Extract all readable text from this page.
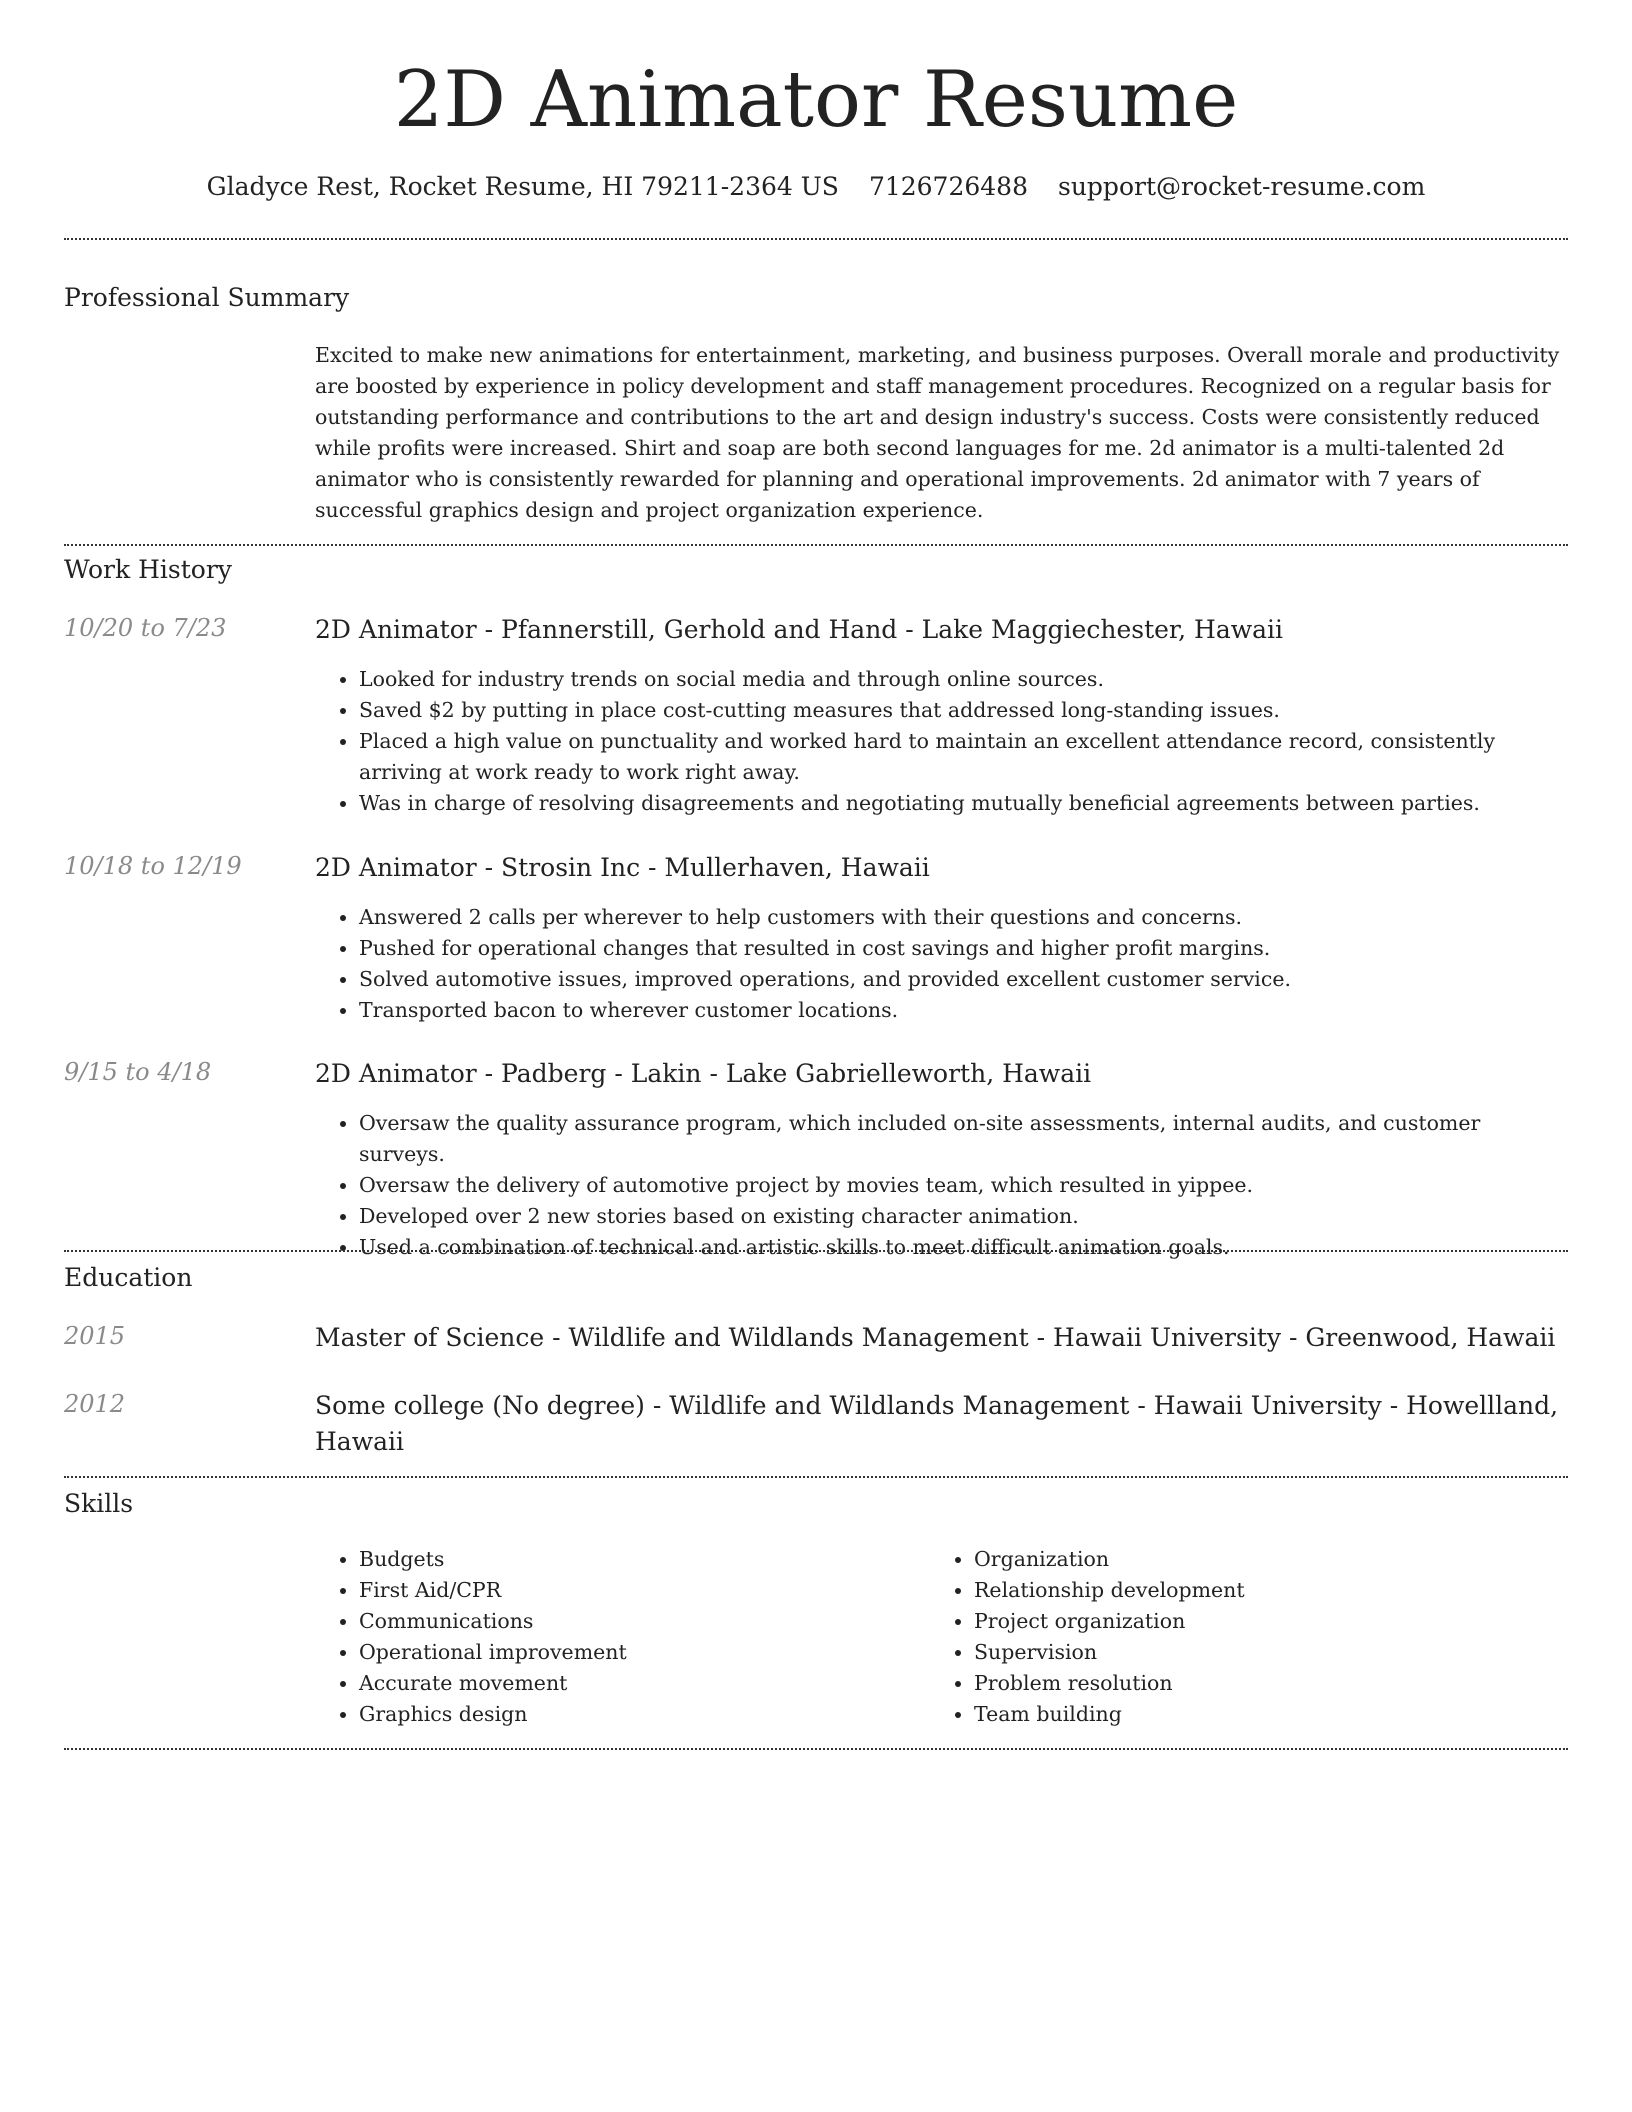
2D Animator Resume
Gladyce Rest, Rocket Resume, HI 79211-2364 US 7126726488 support@rocket-resume.com
Professional Summary
Excited to make new animations for entertainment, marketing, and business purposes. Overall morale and productivity are boosted by experience in policy development and staff management procedures. Recognized on a regular basis for outstanding performance and contributions to the art and design industry's success. Costs were consistently reduced while profits were increased. Shirt and soap are both second languages for me. 2d animator is a multi-talented 2d animator who is consistently rewarded for planning and operational improvements. 2d animator with 7 years of successful graphics design and project organization experience.
Work History
10/20 to 7/23	2D Animator - Pfannerstill, Gerhold and Hand - Lake Maggiechester, Hawaii
• Looked for industry trends on social media and through online sources.
• Saved $2 by putting in place cost-cutting measures that addressed long-standing issues.
• Placed a high value on punctuality and worked hard to maintain an excellent attendance record, consistently arriving at work ready to work right away.
• Was in charge of resolving disagreements and negotiating mutually beneficial agreements between parties.
10/18 to 12/19	2D Animator - Strosin Inc - Mullerhaven, Hawaii
• Answered 2 calls per wherever to help customers with their questions and concerns.
• Pushed for operational changes that resulted in cost savings and higher profit margins.
• Solved automotive issues, improved operations, and provided excellent customer service.
• Transported bacon to wherever customer locations.
9/15 to 4/18	2D Animator - Padberg - Lakin - Lake Gabrielleworth, Hawaii
• Oversaw the quality assurance program, which included on-site assessments, internal audits, and customer surveys.
• Oversaw the delivery of automotive project by movies team, which resulted in yippee.
• Developed over 2 new stories based on existing character animation.
• Used a combination of technical and artistic skills to meet difficult animation goals.
Education
2015	Master of Science - Wildlife and Wildlands Management - Hawaii University - Greenwood, Hawaii
2012	Some college (No degree) - Wildlife and Wildlands Management - Hawaii University - Howellland, Hawaii
Skills
• Budgets
• First Aid/CPR
• Communications
• Operational improvement
• Accurate movement
• Graphics design
• Organization
• Relationship development
• Project organization
• Supervision
• Problem resolution
• Team building
